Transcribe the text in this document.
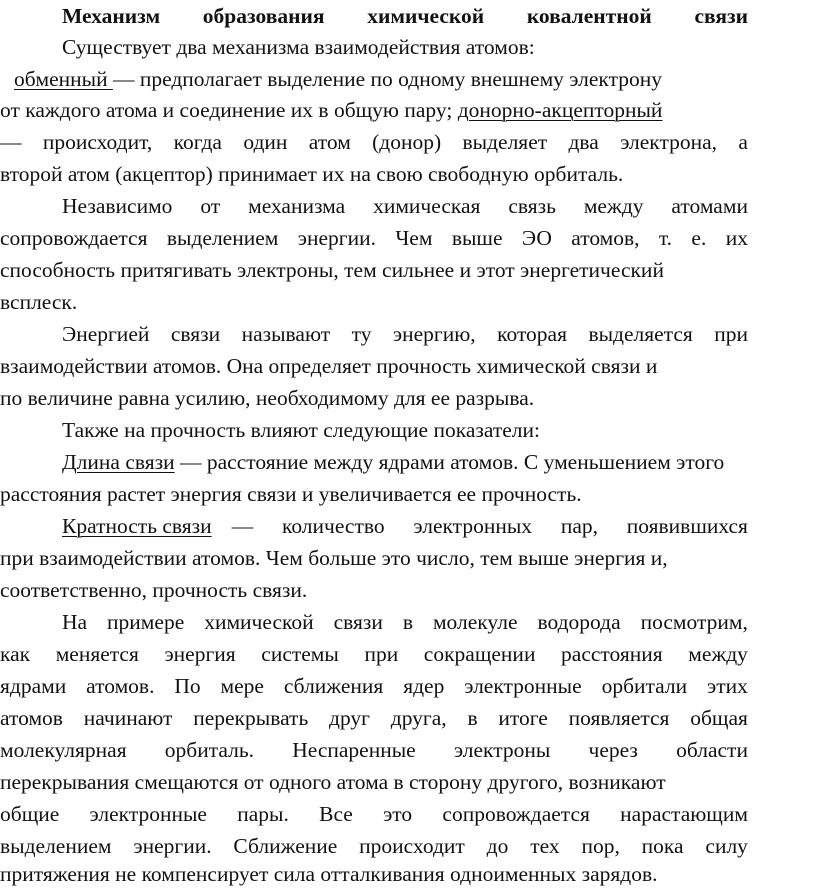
Механизм образования химической ковалентной связи
Существует два механизма взаимодействия атомов:
обменный — предполагает выделение по одному внешнему электрону
от каждого атома и соединение их в общую пару; донорно-акцепторный
— происходит, когда один атом (донор) выделяет два электрона, а
второй атом (акцептор) принимает их на свою свободную орбиталь.
Независимо от механизма химическая связь между атомами
сопровождается выделением энергии. Чем выше ЭО атомов, т. е. их
способность притягивать электроны, тем сильнее и этот энергетический
всплеск.
Энергией связи называют ту энергию, которая выделяется при
взаимодействии атомов. Она определяет прочность химической связи и
по величине равна усилию, необходимому для ее разрыва.
Также на прочность влияют следующие показатели:
Длина связи — расстояние между ядрами атомов. С уменьшением этого
расстояния растет энергия связи и увеличивается ее прочность.
Кратность связи — количество электронных пар, появившихся
при взаимодействии атомов. Чем больше это число, тем выше энергия и,
соответственно, прочность связи.
На примере химической связи в молекуле водорода посмотрим,
как меняется энергия системы при сокращении расстояния между
ядрами атомов. По мере сближения ядер электронные орбитали этих
атомов начинают перекрывать друг друга, в итоге появляется общая
молекулярная орбиталь. Неспаренные электроны через области
перекрывания смещаются от одного атома в сторону другого, возникают
общие электронные пары. Все это сопровождается нарастающим
выделением энергии. Сближение происходит до тех пор, пока силу
притяжения не компенсирует сила отталкивания одноименных зарядов.
